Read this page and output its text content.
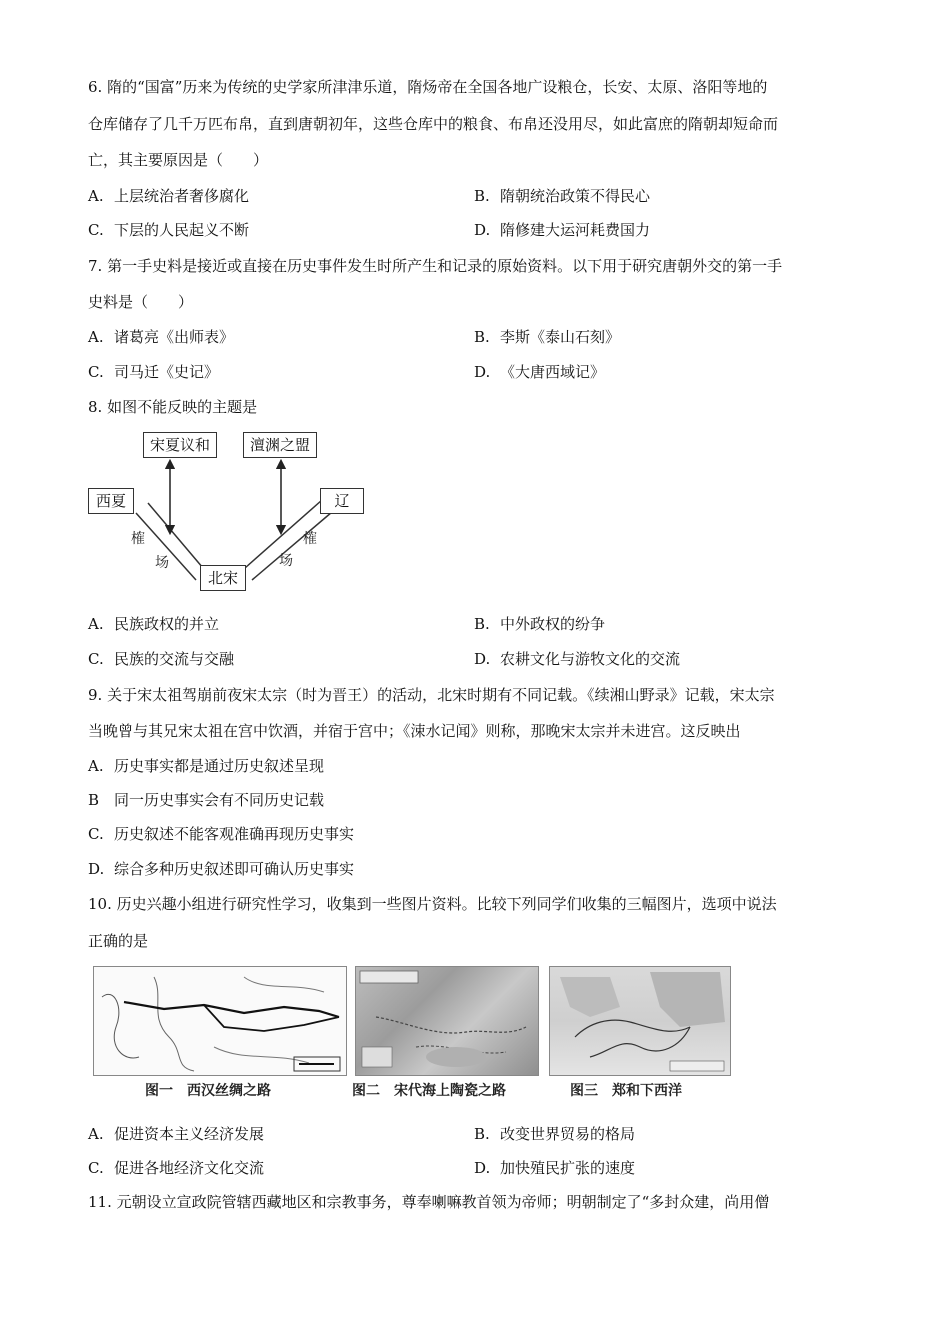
6. 隋的“国富”历来为传统的史学家所津津乐道，隋炀帝在全国各地广设粮仓，长安、太原、洛阳等地的
仓库储存了几千万匹布帛，直到唐朝初年，这些仓库中的粮食、布帛还没用尽，如此富庶的隋朝却短命而
亡，其主要原因是（　　）
A. 上层统治者奢侈腐化	B. 隋朝统治政策不得民心
C. 下层的人民起义不断	D. 隋修建大运河耗费国力
7. 第一手史料是接近或直接在历史事件发生时所产生和记录的原始资料。以下用于研究唐朝外交的第一手
史料是（　　）
A. 诸葛亮《出师表》	B. 李斯《泰山石刻》
C. 司马迁《史记》	D. 《大唐西域记》
8. 如图不能反映的主题是
宋夏议和	澶渊之盟
西夏	辽
北宋
榷
场
榷
场
A. 民族政权的并立	B. 中外政权的纷争
C. 民族的交流与交融	D. 农耕文化与游牧文化的交流
9. 关于宋太祖驾崩前夜宋太宗（时为晋王）的活动，北宋时期有不同记载。《续湘山野录》记载，宋太宗
当晚曾与其兄宋太祖在宫中饮酒，并宿于宫中；《涑水记闻》则称，那晚宋太宗并未进宫。这反映出
A. 历史事实都是通过历史叙述呈现
B 同一历史事实会有不同历史记载
C. 历史叙述不能客观准确再现历史事实
D. 综合多种历史叙述即可确认历史事实
10. 历史兴趣小组进行研究性学习，收集到一些图片资料。比较下列同学们收集的三幅图片，选项中说法
正确的是
图一　西汉丝绸之路	图二　宋代海上陶瓷之路	图三　郑和下西洋
A. 促进资本主义经济发展	B. 改变世界贸易的格局
C. 促进各地经济文化交流	D. 加快殖民扩张的速度
11. 元朝设立宣政院管辖西藏地区和宗教事务，尊奉喇嘛教首领为帝师；明朝制定了“多封众建，尚用僧
